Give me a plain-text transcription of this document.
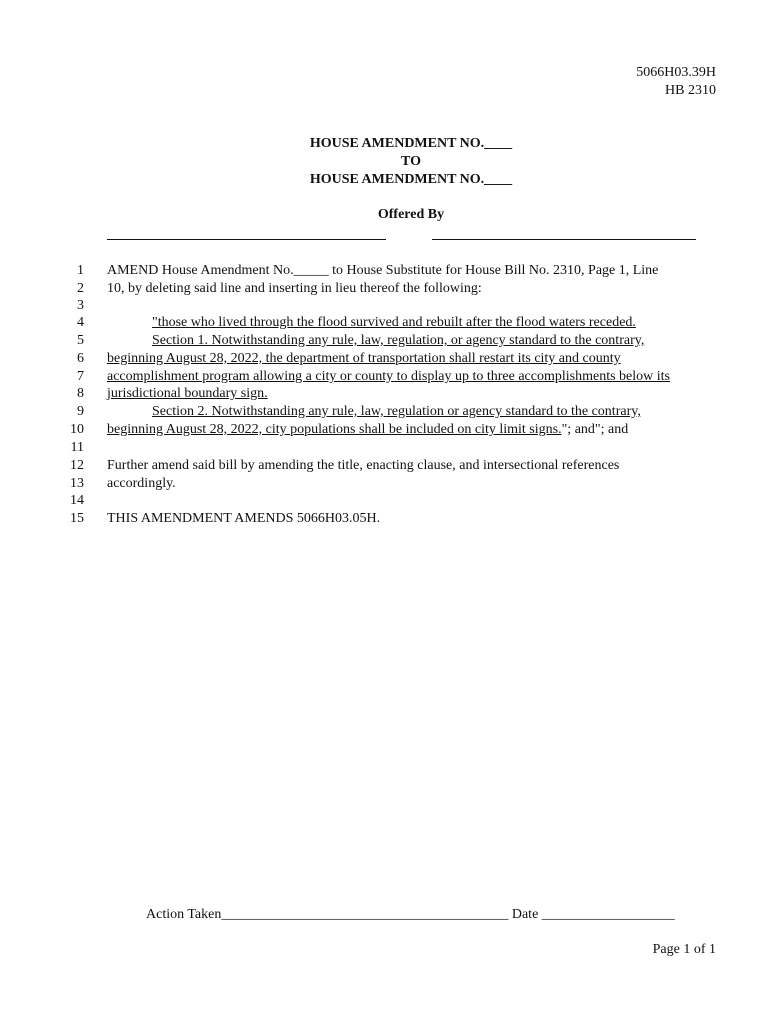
5066H03.39H
HB 2310
HOUSE AMENDMENT NO.____
TO
HOUSE AMENDMENT NO.____
Offered By
1 AMEND House Amendment No._____ to House Substitute for House Bill No. 2310, Page 1, Line
2 10, by deleting said line and inserting in lieu thereof the following:
3
4	"those who lived through the flood survived and rebuilt after the flood waters receded.
5	Section 1. Notwithstanding any rule, law, regulation, or agency standard to the contrary,
6 beginning August 28, 2022, the department of transportation shall restart its city and county
7 accomplishment program allowing a city or county to display up to three accomplishments below its
8 jurisdictional boundary sign.
9	Section 2. Notwithstanding any rule, law, regulation or agency standard to the contrary,
10 beginning August 28, 2022, city populations shall be included on city limit signs."; and"; and
11
12 Further amend said bill by amending the title, enacting clause, and intersectional references
13 accordingly.
14
15 THIS AMENDMENT AMENDS 5066H03.05H.
Action Taken_________________________________________ Date ___________________
Page 1 of 1
